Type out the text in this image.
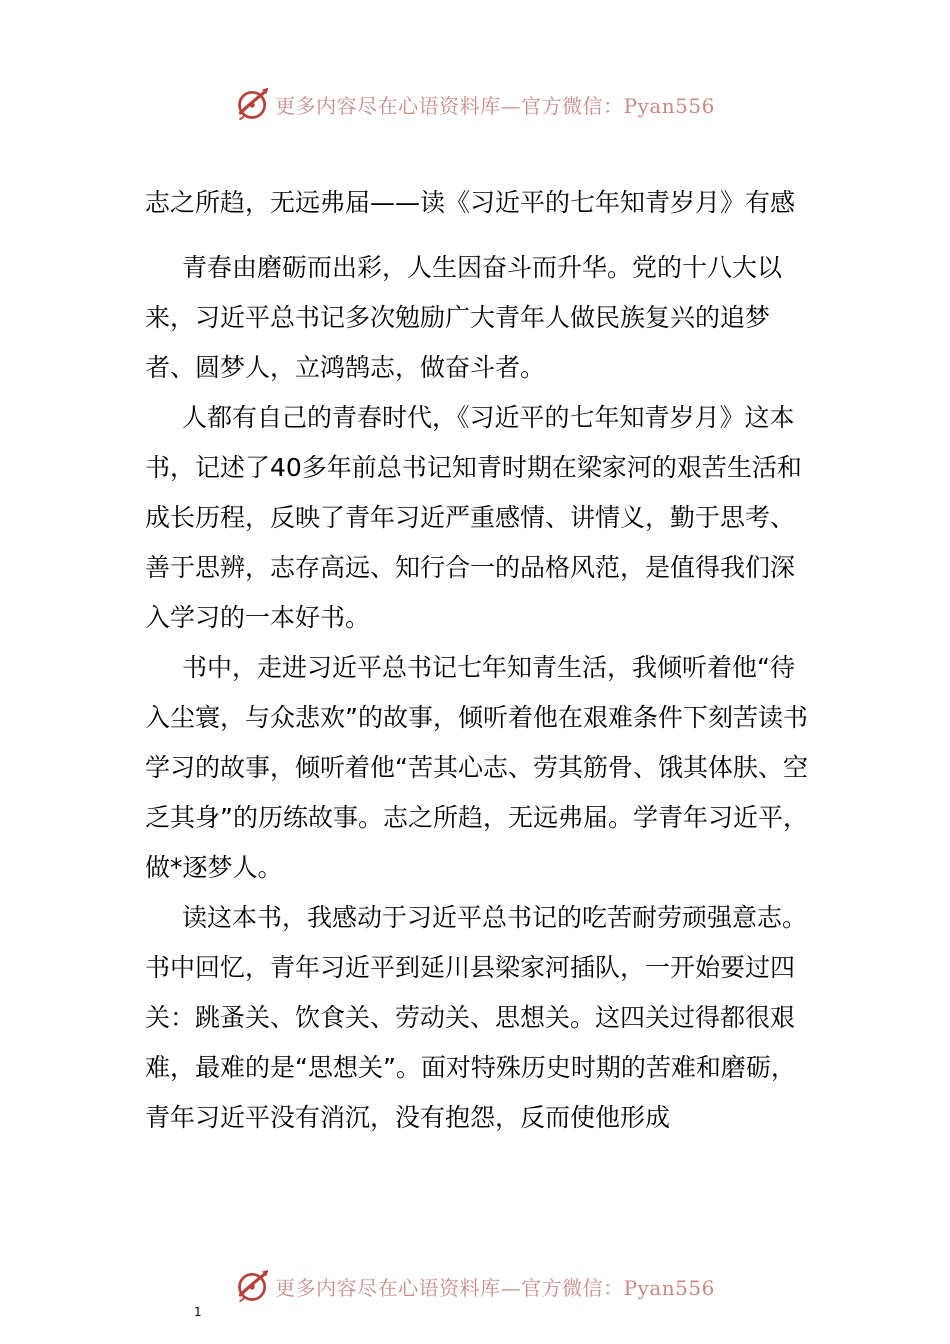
更多内容尽在心语资料库—官方微信：Pyan556
志之所趋，无远弗届——读《习近平的七年知青岁月》有感

青春由磨砺而出彩，人生因奋斗而升华。党的十八大以来，习近平总书记多次勉励广大青年人做民族复兴的追梦者、圆梦人，立鸿鹄志，做奋斗者。

人都有自己的青春时代，《习近平的七年知青岁月》这本书，记述了40多年前总书记知青时期在梁家河的艰苦生活和成长历程，反映了青年习近严重感情、讲情义，勤于思考、善于思辨，志存高远、知行合一的品格风范，是值得我们深入学习的一本好书。

书中，走进习近平总书记七年知青生活，我倾听着他“待入尘寰，与众悲欢”的故事，倾听着他在艰难条件下刻苦读书学习的故事，倾听着他“苦其心志、劳其筋骨、饿其体肤、空乏其身”的历练故事。志之所趋，无远弗届。学青年习近平，做*逐梦人。

读这本书，我感动于习近平总书记的吃苦耐劳顽强意志。书中回忆，青年习近平到延川县梁家河插队，一开始要过四关：跳蚤关、饮食关、劳动关、思想关。这四关过得都很艰难，最难的是“思想关”。面对特殊历史时期的苦难和磨砺，青年习近平没有消沉，没有抱怨，反而使他形成

更多内容尽在心语资料库—官方微信：Pyan556
1
